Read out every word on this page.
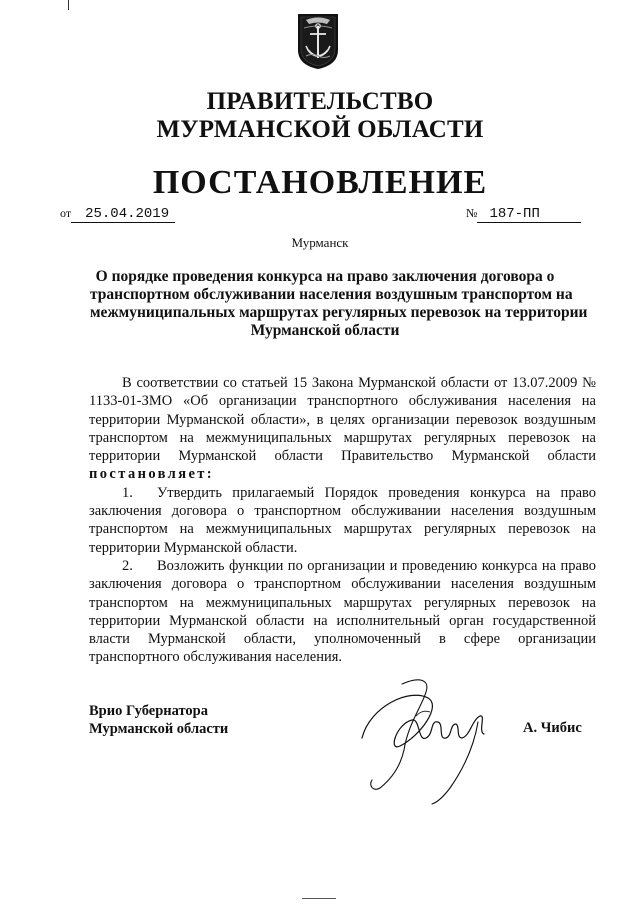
ПРАВИТЕЛЬСТВО
МУРМАНСКОЙ ОБЛАСТИ
ПОСТАНОВЛЕНИЕ
от 25.04.2019	№ 187-ПП
Мурманск
О порядке проведения конкурса на право заключения договора о
транспортном обслуживании населения воздушным транспортом на
межмуниципальных маршрутах регулярных перевозок на территории
Мурманской области

В соответствии со статьей 15 Закона Мурманской области от 13.07.2009 № 1133-01-ЗМО «Об организации транспортного обслуживания населения на территории Мурманской области», в целях организации перевозок воздушным транспортом на межмуниципальных маршрутах регулярных перевозок на территории Мурманской области Правительство Мурманской области постановляет:

1. Утвердить прилагаемый Порядок проведения конкурса на право заключения договора о транспортном обслуживании населения воздушным транспортом на межмуниципальных маршрутах регулярных перевозок на территории Мурманской области.

2. Возложить функции по организации и проведению конкурса на право заключения договора о транспортном обслуживании населения воздушным транспортом на межмуниципальных маршрутах регулярных перевозок на территории Мурманской области на исполнительный орган государственной власти Мурманской области, уполномоченный в сфере организации транспортного обслуживания населения.

Врио Губернатора
Мурманской области	А. Чибис
